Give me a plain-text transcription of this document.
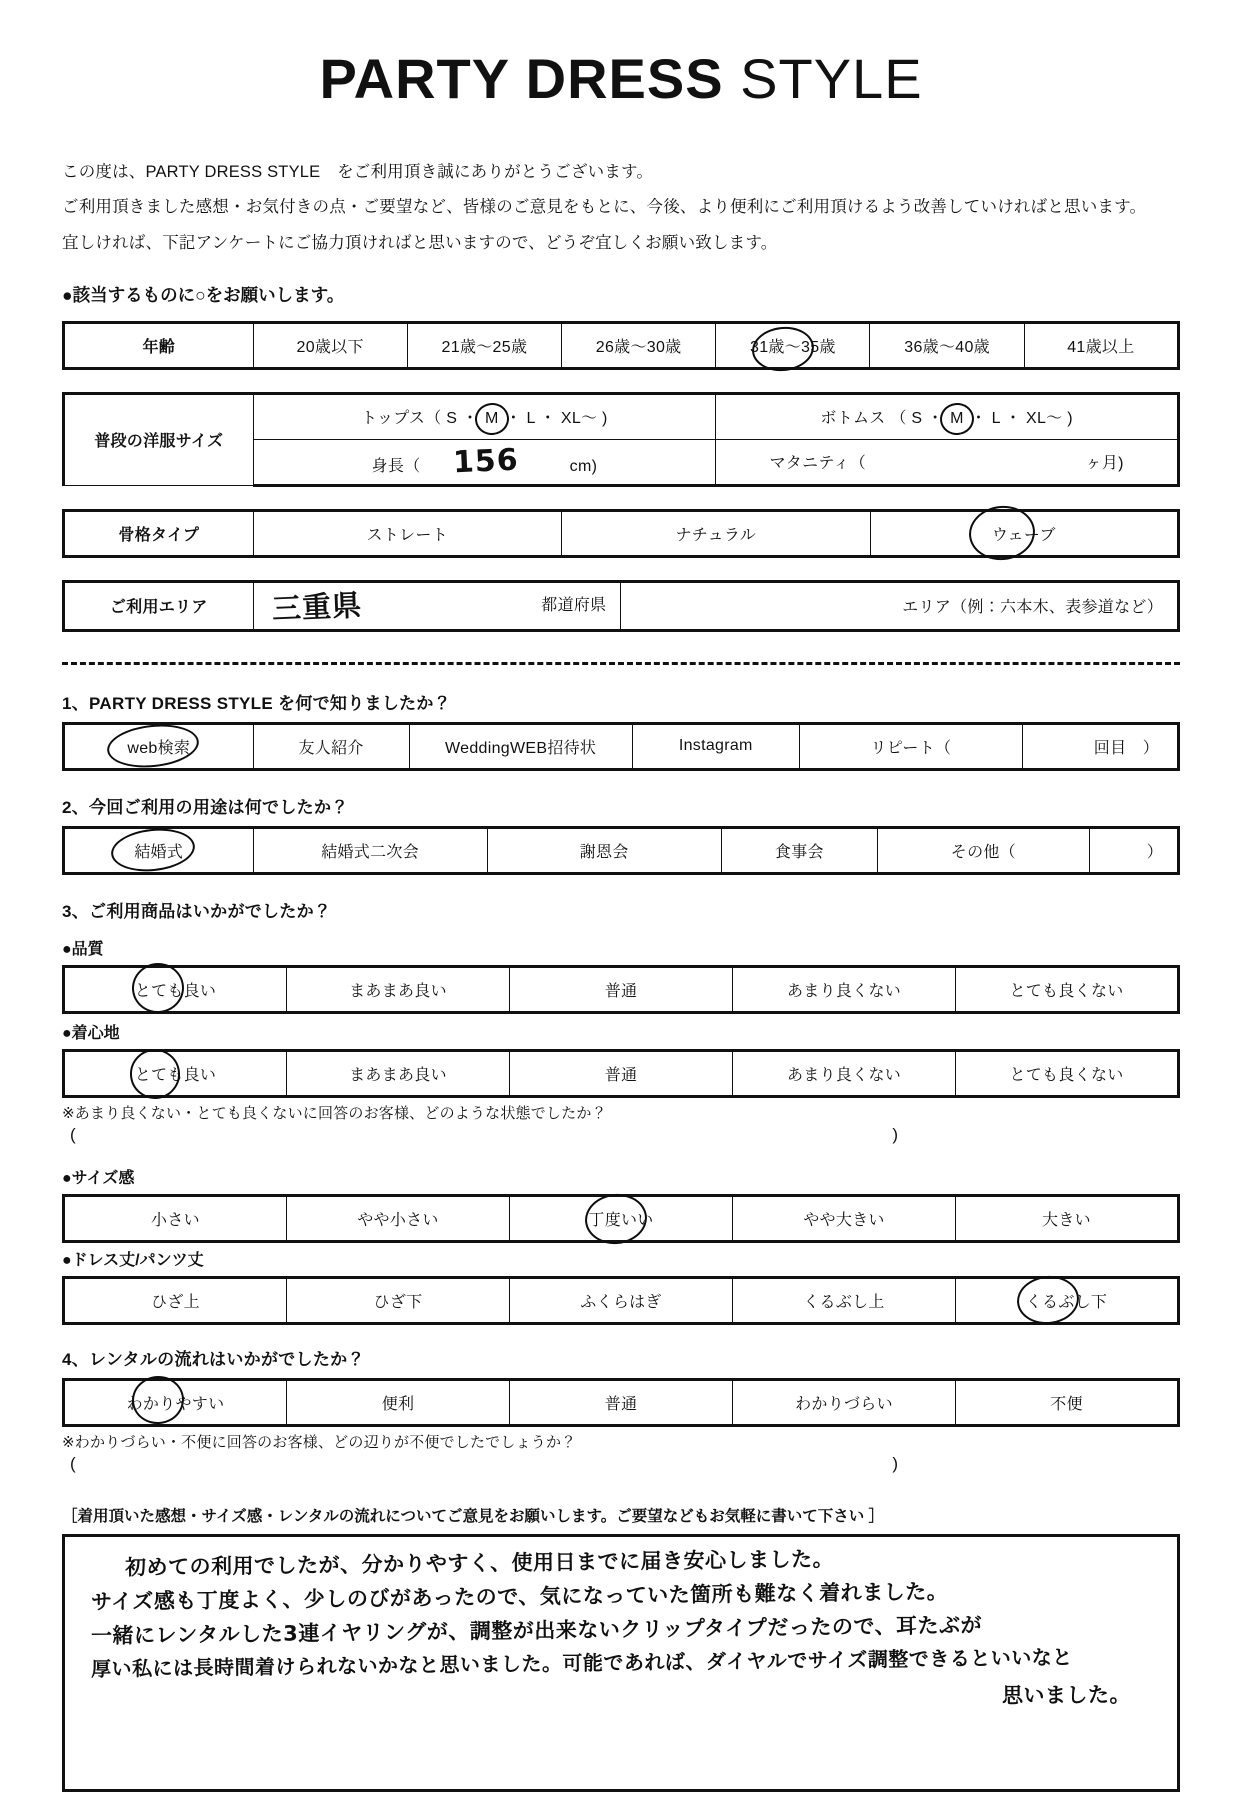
PARTY DRESS STYLE

この度は、PARTY DRESS STYLE　をご利用頂き誠にありがとうございます。

ご利用頂きました感想・お気付きの点・ご要望など、皆様のご意見をもとに、今後、より便利にご利用頂けるよう改善していければと思います。

宜しければ、下記アンケートにご協力頂ければと思いますので、どうぞ宜しくお願い致します。

●該当するものに○をお願いします。
年齢	20歳以下	21歳～25歳	26歳～30歳	31歳～35歳	36歳～40歳	41歳以上
普段の洋服サイズ	トップス（ S ・ M
・ L ・ XL～ )	ボトムス （ S ・ M
・ L ・ XL～ )
	身長（ 156 cm)	マタニティ（ ヶ月)
骨格タイプ	ストレート	ナチュラル	ウェーブ
ご利用エリア	三重県	都道府県	エリア（例：六本木、表参道など）
1、PARTY DRESS STYLE を何で知りましたか？
web検索	友人紹介	WeddingWEB招待状	Instagram	リピート（	回目　）
2、今回ご利用の用途は何でしたか？
結婚式	結婚式二次会	謝恩会	食事会	その他（	）
3、ご利用商品はいかがでしたか？
●品質
とても良い	まあまあ良い	普通	あまり良くない	とても良くない
●着心地
とても良い	まあまあ良い	普通	あまり良くない	とても良くない
※あまり良くない・とても良くないに回答のお客様、どのような状態でしたか？
(	)
●サイズ感
小さい	やや小さい	丁度いい	やや大きい	大きい
●ドレス丈/パンツ丈
ひざ上	ひざ下	ふくらはぎ	くるぶし上	くるぶし下
4、レンタルの流れはいかがでしたか？
わかりやすい	便利	普通	わかりづらい	不便
※わかりづらい・不便に回答のお客様、どの辺りが不便でしたでしょうか？
(	)
［着用頂いた感想・サイズ感・レンタルの流れについてご意見をお願いします。ご要望などもお気軽に書いて下さい ］
初めての利用でしたが、分かりやすく、使用日までに届き安心しました。
サイズ感も丁度よく、少しのびがあったので、気になっていた箇所も難なく着れました。
一緒にレンタルした3連イヤリングが、調整が出来ないクリップタイプだったので、耳たぶが
厚い私には長時間着けられないかなと思いました。可能であれば、ダイヤルでサイズ調整できるといいなと
思いました。
